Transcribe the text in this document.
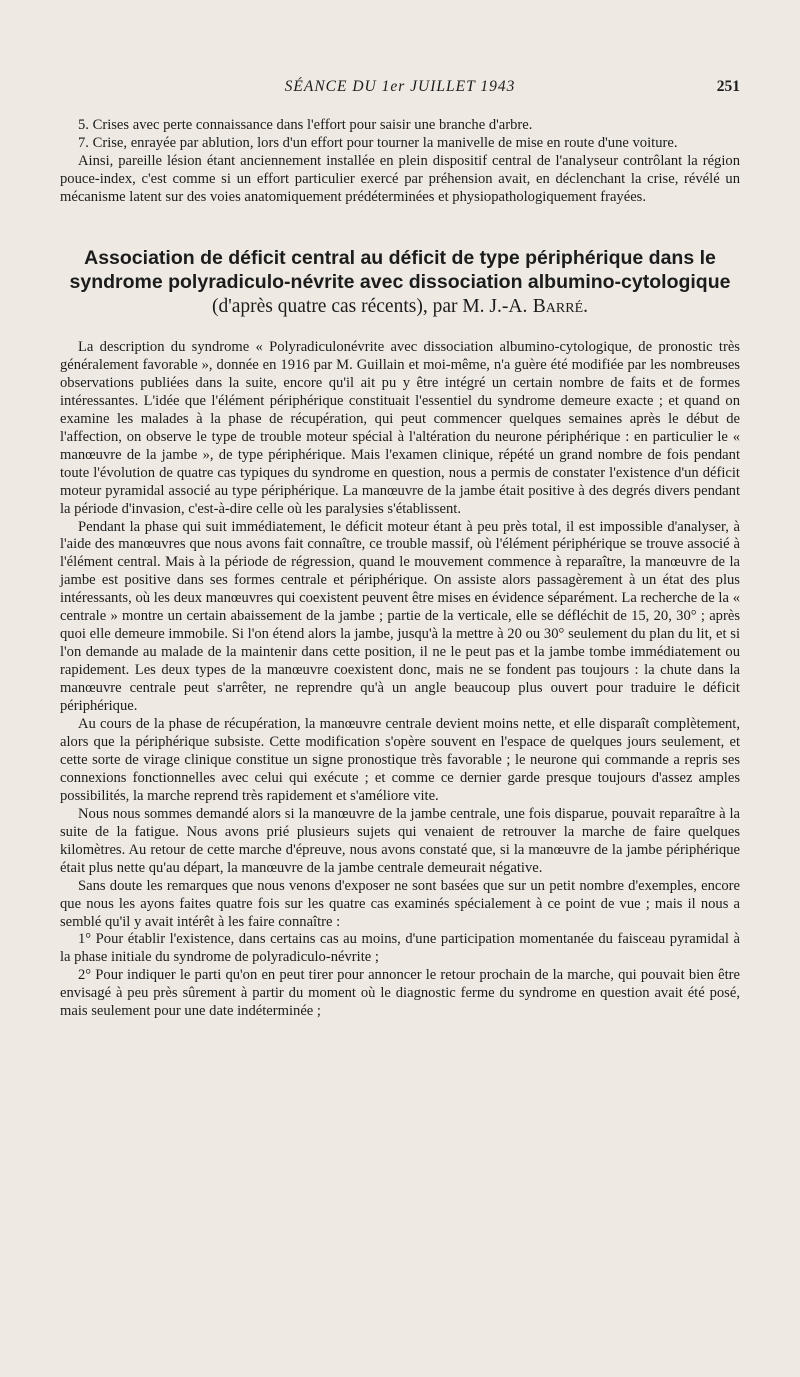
SÉANCE DU 1er JUILLET 1943	251

5. Crises avec perte connaissance dans l'effort pour saisir une branche d'arbre.

7. Crise, enrayée par ablution, lors d'un effort pour tourner la manivelle de mise en route d'une voiture.

Ainsi, pareille lésion étant anciennement installée en plein dispositif central de l'analyseur contrôlant la région pouce-index, c'est comme si un effort particulier exercé par préhension avait, en déclenchant la crise, révélé un mécanisme latent sur des voies anatomiquement prédéterminées et physiopathologiquement frayées.

Association de déficit central au déficit de type périphérique dans le syndrome polyradiculo-névrite avec dissociation albumino-cytologique (d'après quatre cas récents), par M. J.-A. Barré.

La description du syndrome « Polyradiculonévrite avec dissociation albumino-cytologique, de pronostic très généralement favorable », donnée en 1916 par M. Guillain et moi-même, n'a guère été modifiée par les nombreuses observations publiées dans la suite, encore qu'il ait pu y être intégré un certain nombre de faits et de formes intéressantes. L'idée que l'élément périphérique constituait l'essentiel du syndrome demeure exacte ; et quand on examine les malades à la phase de récupération, qui peut commencer quelques semaines après le début de l'affection, on observe le type de trouble moteur spécial à l'altération du neurone périphérique : en particulier le « manœuvre de la jambe », de type périphérique. Mais l'examen clinique, répété un grand nombre de fois pendant toute l'évolution de quatre cas typiques du syndrome en question, nous a permis de constater l'existence d'un déficit moteur pyramidal associé au type périphérique. La manœuvre de la jambe était positive à des degrés divers pendant la période d'invasion, c'est-à-dire celle où les paralysies s'établissent.

Pendant la phase qui suit immédiatement, le déficit moteur étant à peu près total, il est impossible d'analyser, à l'aide des manœuvres que nous avons fait connaître, ce trouble massif, où l'élément périphérique se trouve associé à l'élément central. Mais à la période de régression, quand le mouvement commence à reparaître, la manœuvre de la jambe est positive dans ses formes centrale et périphérique. On assiste alors passagèrement à un état des plus intéressants, où les deux manœuvres qui coexistent peuvent être mises en évidence séparément. La recherche de la « centrale » montre un certain abaissement de la jambe ; partie de la verticale, elle se défléchit de 15, 20, 30° ; après quoi elle demeure immobile. Si l'on étend alors la jambe, jusqu'à la mettre à 20 ou 30° seulement du plan du lit, et si l'on demande au malade de la maintenir dans cette position, il ne le peut pas et la jambe tombe immédiatement ou rapidement. Les deux types de la manœuvre coexistent donc, mais ne se fondent pas toujours : la chute dans la manœuvre centrale peut s'arrêter, ne reprendre qu'à un angle beaucoup plus ouvert pour traduire le déficit périphérique.

Au cours de la phase de récupération, la manœuvre centrale devient moins nette, et elle disparaît complètement, alors que la périphérique subsiste. Cette modification s'opère souvent en l'espace de quelques jours seulement, et cette sorte de virage clinique constitue un signe pronostique très favorable ; le neurone qui commande a repris ses connexions fonctionnelles avec celui qui exécute ; et comme ce dernier garde presque toujours d'assez amples possibilités, la marche reprend très rapidement et s'améliore vite.

Nous nous sommes demandé alors si la manœuvre de la jambe centrale, une fois disparue, pouvait reparaître à la suite de la fatigue. Nous avons prié plusieurs sujets qui venaient de retrouver la marche de faire quelques kilomètres. Au retour de cette marche d'épreuve, nous avons constaté que, si la manœuvre de la jambe périphérique était plus nette qu'au départ, la manœuvre de la jambe centrale demeurait négative.

Sans doute les remarques que nous venons d'exposer ne sont basées que sur un petit nombre d'exemples, encore que nous les ayons faites quatre fois sur les quatre cas examinés spécialement à ce point de vue ; mais il nous a semblé qu'il y avait intérêt à les faire connaître :

1° Pour établir l'existence, dans certains cas au moins, d'une participation momentanée du faisceau pyramidal à la phase initiale du syndrome de polyradiculo-névrite ;

2° Pour indiquer le parti qu'on en peut tirer pour annoncer le retour prochain de la marche, qui pouvait bien être envisagé à peu près sûrement à partir du moment où le diagnostic ferme du syndrome en question avait été posé, mais seulement pour une date indéterminée ;
